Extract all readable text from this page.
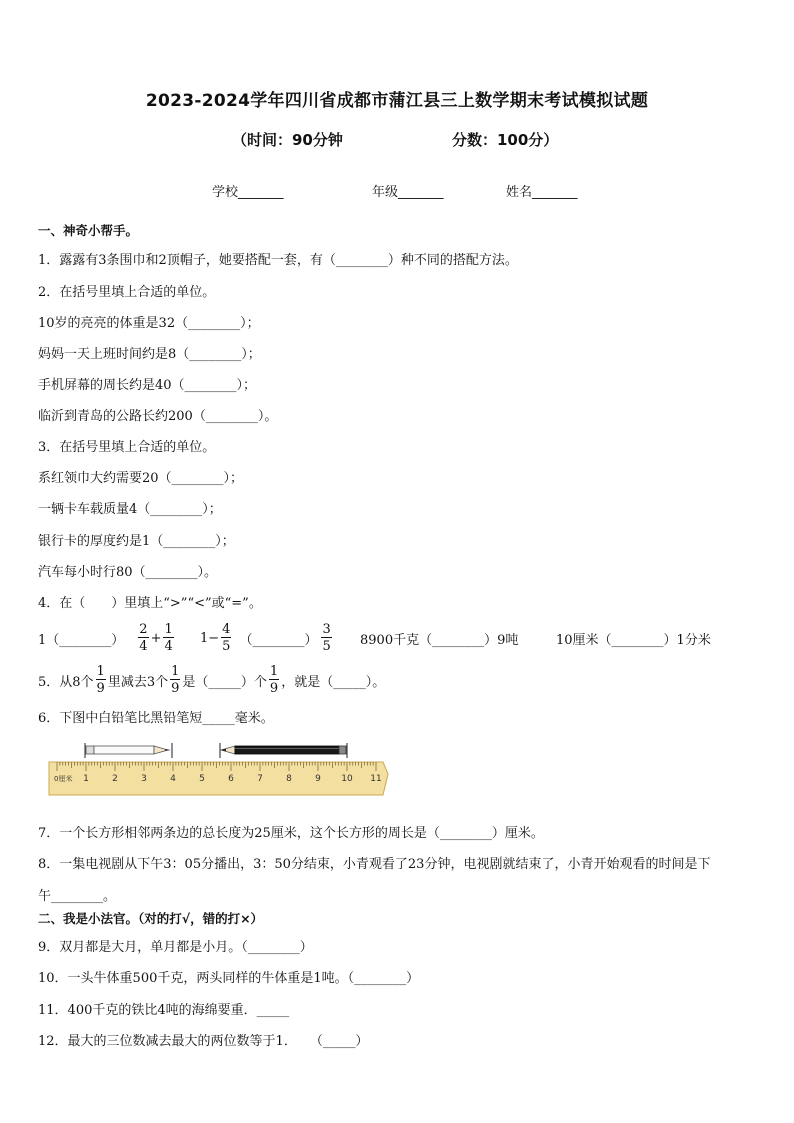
2023-2024学年四川省成都市蒲江县三上数学期末考试模拟试题
（时间：90分钟	分数：100分）
学校_______	年级_______	姓名_______
一、神奇小帮手。
1．露露有3条围巾和2顶帽子，她要搭配一套，有（________）种不同的搭配方法。
2．在括号里填上合适的单位。
10岁的亮亮的体重是32（________）；
妈妈一天上班时间约是8（________）；
手机屏幕的周长约是40（________）；
临沂到青岛的公路长约200（________）。
3．在括号里填上合适的单位。
系红领巾大约需要20（________）；
一辆卡车载质量4（________）；
银行卡的厚度约是1（________）；
汽车每小时行80（________）。
4．在（　　）里填上“>”“<”或“=”。
1（________） $\frac{2}{4} + \frac{1}{4} 1- \frac{4}{5}$ （________） $\frac{3}{5} 8900$千克（________）9吨	10厘米（________）1分米
5．从8个 $\frac{1}{9}$ 里减去3个 $\frac{1}{9}$ 是（_____）个 $\frac{1}{9}$ ，就是（_____）。
6．下图中白铅笔比黑铅笔短_____毫米。
0厘米 1	2	3	4	5	6	7	8	9 10 11
7．一个长方形相邻两条边的总长度为25厘米，这个长方形的周长是（________）厘米。
8．一集电视剧从下午3：05分播出，3：50分结束，小青观看了23分钟，电视剧就结束了，小青开始观看的时间是下
午________。
二、我是小法官。（对的打√，错的打×）
9．双月都是大月，单月都是小月。（________）
10．一头牛体重500千克，两头同样的牛体重是1吨。（________）
11．400千克的铁比4吨的海绵要重．_____
12．最大的三位数减去最大的两位数等于1．　　（_____）
